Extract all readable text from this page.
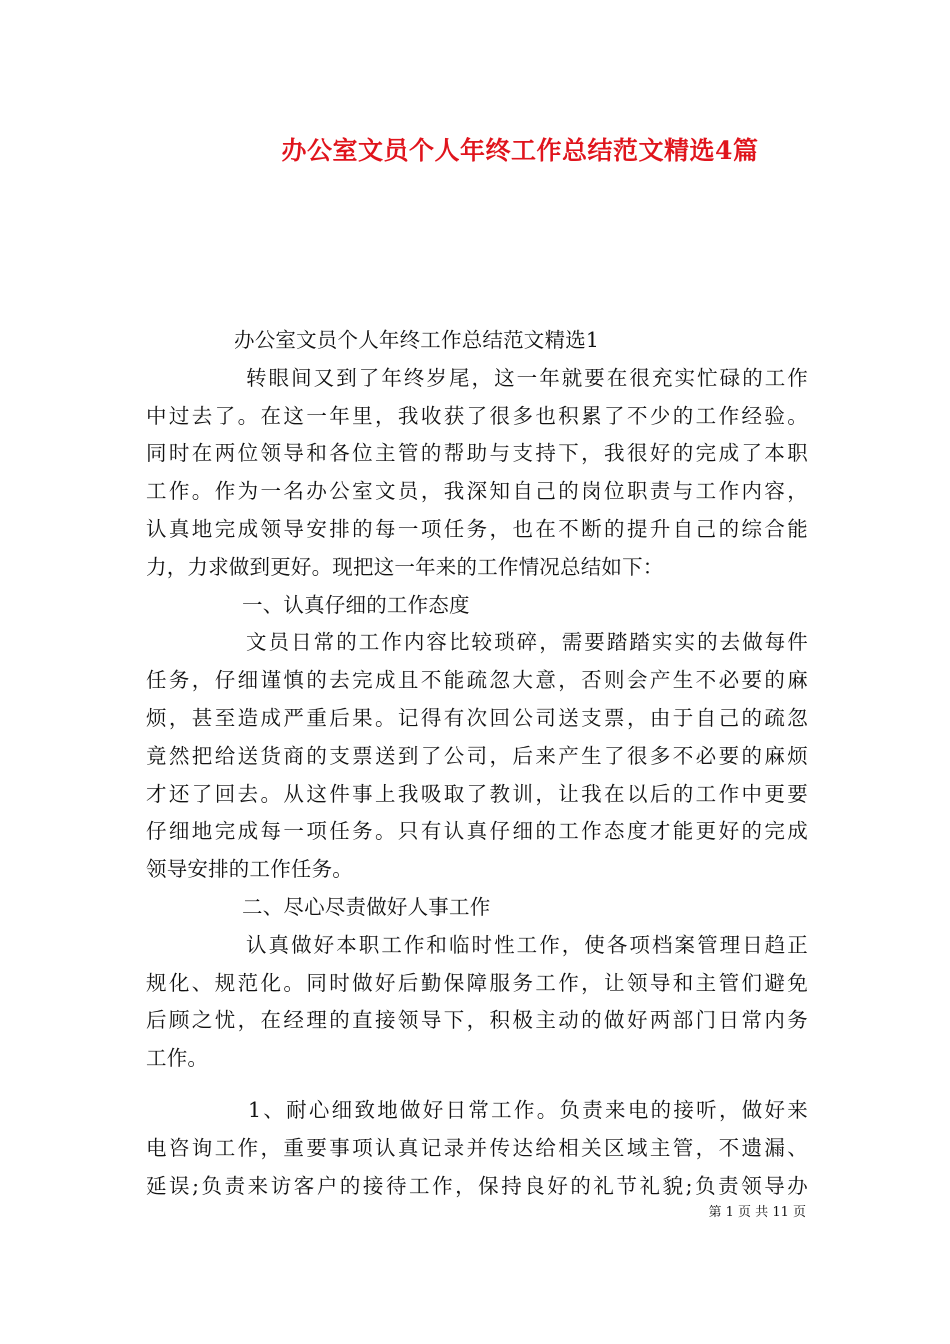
办公室文员个人年终工作总结范文精选4篇
办公室文员个人年终工作总结范文精选1
转眼间又到了年终岁尾，这一年就要在很充实忙碌的工作
中过去了。在这一年里，我收获了很多也积累了不少的工作经验。
同时在两位领导和各位主管的帮助与支持下，我很好的完成了本职
工作。作为一名办公室文员，我深知自己的岗位职责与工作内容，
认真地完成领导安排的每一项任务，也在不断的提升自己的综合能
力，力求做到更好。现把这一年来的工作情况总结如下：
一、认真仔细的工作态度
文员日常的工作内容比较琐碎，需要踏踏实实的去做每件
任务，仔细谨慎的去完成且不能疏忽大意，否则会产生不必要的麻
烦，甚至造成严重后果。记得有次回公司送支票，由于自己的疏忽
竟然把给送货商的支票送到了公司，后来产生了很多不必要的麻烦
才还了回去。从这件事上我吸取了教训，让我在以后的工作中更要
仔细地完成每一项任务。只有认真仔细的工作态度才能更好的完成
领导安排的工作任务。
二、尽心尽责做好人事工作
认真做好本职工作和临时性工作，使各项档案管理日趋正
规化、规范化。同时做好后勤保障服务工作，让领导和主管们避免
后顾之忧，在经理的直接领导下，积极主动的做好两部门日常内务
工作。
1、耐心细致地做好日常工作。负责来电的接听，做好来
电咨询工作，重要事项认真记录并传达给相关区域主管，不遗漏、
延误;负责来访客户的接待工作，保持良好的礼节礼貌;负责领导办
第 1 页 共 11 页
